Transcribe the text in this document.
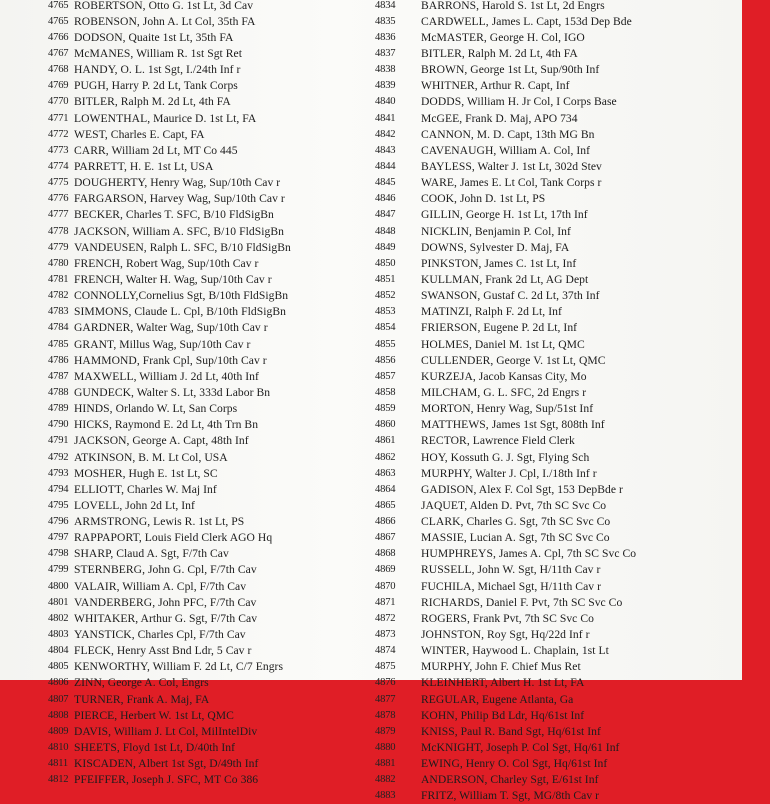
4765 ROBERTSON, Otto G. 1st Lt, 3d Cav
4765 ROBENSON, John A. Lt Col, 35th FA
4766 DODSON, Quaite 1st Lt, 35th FA
4767 McMANES, William R. 1st Sgt Ret
4768 HANDY, O. L. 1st Sgt, I./24th Inf r
4769 PUGH, Harry P. 2d Lt, Tank Corps
4770 BITLER, Ralph M. 2d Lt, 4th FA
4771 LOWENTHAL, Maurice D. 1st Lt, FA
4772 WEST, Charles E. Capt, FA
4773 CARR, William 2d Lt, MT Co 445
4774 PARRETT, H. E. 1st Lt, USA
4775 DOUGHERTY, Henry Wag, Sup/10th Cav r
4776 FARGARSON, Harvey Wag, Sup/10th Cav r
4777 BECKER, Charles T. SFC, B/10 FldSigBn
4778 JACKSON, William A. SFC, B/10 FldSigBn
4779 VANDEUSEN, Ralph L. SFC, B/10 FldSigBn
4780 FRENCH, Robert Wag, Sup/10th Cav r
4781 FRENCH, Walter H. Wag, Sup/10th Cav r
4782 CONNOLLY,Cornelius Sgt, B/10th FldSigBn
4783 SIMMONS, Claude L. Cpl, B/10th FldSigBn
4784 GARDNER, Walter Wag, Sup/10th Cav r
4785 GRANT, Millus Wag, Sup/10th Cav r
4786 HAMMOND, Frank Cpl, Sup/10th Cav r
4787 MAXWELL, William J. 2d Lt, 40th Inf
4788 GUNDECK, Walter S. Lt, 333d Labor Bn
4789 HINDS, Orlando W. Lt, San Corps
4790 HICKS, Raymond E. 2d Lt, 4th Trn Bn
4791 JACKSON, George A. Capt, 48th Inf
4792 ATKINSON, B. M. Lt Col, USA
4793 MOSHER, Hugh E. 1st Lt, SC
4794 ELLIOTT, Charles W. Maj Inf
4795 LOVELL, John 2d Lt, Inf
4796 ARMSTRONG, Lewis R. 1st Lt, PS
4797 RAPPAPORT, Louis Field Clerk AGO Hq
4798 SHARP, Claud A. Sgt, F/7th Cav
4799 STERNBERG, John G. Cpl, F/7th Cav
4800 VALAIR, William A. Cpl, F/7th Cav
4801 VANDERBERG, John PFC, F/7th Cav
4802 WHITAKER, Arthur G. Sgt, F/7th Cav
4803 YANSTICK, Charles Cpl, F/7th Cav
4804 FLECK, Henry Asst Bnd Ldr, 5 Cav r
4805 KENWORTHY, William F. 2d Lt, C/7 Engrs
4806 ZINN, George A. Col, Engrs
4807 TURNER, Frank A. Maj, FA
4808 PIERCE, Herbert W. 1st Lt, QMC
4809 DAVIS, William J. Lt Col, MilIntelDiv
4810 SHEETS, Floyd 1st Lt, D/40th Inf
4811 KISCADEN, Albert 1st Sgt, D/49th Inf
4812 PFEIFFER, Joseph J. SFC, MT Co 386
4834	BARRONS, Harold S. 1st Lt, 2d Engrs
4835	CARDWELL, James L. Capt, 153d Dep Bde
4836	McMASTER, George H. Col, IGO
4837	BITLER, Ralph M. 2d Lt, 4th FA
4838	BROWN, George 1st Lt, Sup/90th Inf
4839	WHITNER, Arthur R. Capt, Inf
4840	DODDS, William H. Jr Col, I Corps Base
4841	McGEE, Frank D. Maj, APO 734
4842	CANNON, M. D. Capt, 13th MG Bn
4843	CAVENAUGH, William A. Col, Inf
4844	BAYLESS, Walter J. 1st Lt, 302d Stev
4845	WARE, James E. Lt Col, Tank Corps r
4846	COOK, John D. 1st Lt, PS
4847	GILLIN, George H. 1st Lt, 17th Inf
4848	NICKLIN, Benjamin P. Col, Inf
4849	DOWNS, Sylvester D. Maj, FA
4850	PINKSTON, James C. 1st Lt, Inf
4851	KULLMAN, Frank 2d Lt, AG Dept
4852	SWANSON, Gustaf C. 2d Lt, 37th Inf
4853	MATINZI, Ralph F. 2d Lt, Inf
4854	FRIERSON, Eugene P. 2d Lt, Inf
4855	HOLMES, Daniel M. 1st Lt, QMC
4856	CULLENDER, George V. 1st Lt, QMC
4857	KURZEJA, Jacob Kansas City, Mo
4858	MILCHAM, G. L. SFC, 2d Engrs r
4859	MORTON, Henry Wag, Sup/51st Inf
4860	MATTHEWS, James 1st Sgt, 808th Inf
4861	RECTOR, Lawrence Field Clerk
4862	HOY, Kossuth G. J. Sgt, Flying Sch
4863	MURPHY, Walter J. Cpl, I./18th Inf r
4864	GADISON, Alex F. Col Sgt, 153 DepBde r
4865	JAQUET, Alden D. Pvt, 7th SC Svc Co
4866	CLARK, Charles G. Sgt, 7th SC Svc Co
4867	MASSIE, Lucian A. Sgt, 7th SC Svc Co
4868	HUMPHREYS, James A. Cpl, 7th SC Svc Co
4869	RUSSELL, John W. Sgt, H/11th Cav r
4870	FUCHILA, Michael Sgt, H/11th Cav r
4871	RICHARDS, Daniel F. Pvt, 7th SC Svc Co
4872	ROGERS, Frank Pvt, 7th SC Svc Co
4873	JOHNSTON, Roy Sgt, Hq/22d Inf r
4874	WINTER, Haywood L. Chaplain, 1st Lt
4875	MURPHY, John F. Chief Mus Ret
4876	KLEINHERT, Albert H. 1st Lt, FA
4877	REGULAR, Eugene Atlanta, Ga
4878	KOHN, Philip Bd Ldr, Hq/61st Inf
4879	KNISS, Paul R. Band Sgt, Hq/61st Inf
4880	McKNIGHT, Joseph P. Col Sgt, Hq/61 Inf
4881	EWING, Henry O. Col Sgt, Hq/61st Inf
4882	ANDERSON, Charley Sgt, E/61st Inf
4883	FRITZ, William T. Sgt, MG/8th Cav r
